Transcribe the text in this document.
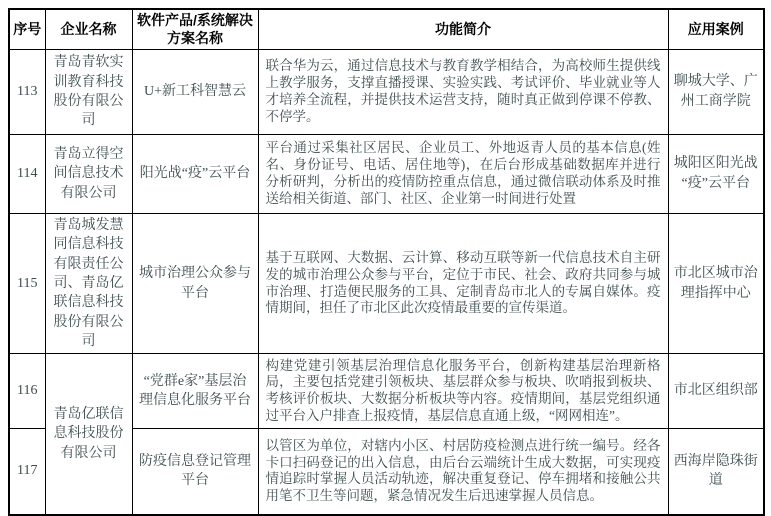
序号	企业名称	软件产品/系统解决方案名称	功能简介	应用案例
113	青岛青软实训教育科技股份有限公司	U+新工科智慧云	联合华为云，通过信息技术与教育教学相结合，为高校师生提供线上教学服务，支撑直播授课、实验实践、考试评价、毕业就业等人才培养全流程，并提供技术运营支持，随时真正做到停课不停教、不停学。	聊城大学、广州工商学院
114	青岛立得空间信息技术有限公司	阳光战“疫”云平台	平台通过采集社区居民、企业员工、外地返青人员的基本信息(姓名、身份证号、电话、居住地等)，在后台形成基础数据库并进行分析研判，分析出的疫情防控重点信息，通过微信联动体系及时推送给相关街道、部门、社区、企业第一时间进行处置	城阳区阳光战“疫”云平台
115	青岛城发慧同信息科技有限责任公司、青岛亿联信息科技股份有限公司	城市治理公众参与平台	基于互联网、大数据、云计算、移动互联等新一代信息技术自主研发的城市治理公众参与平台，定位于市民、社会、政府共同参与城市治理、打造便民服务的工具、定制青岛市北人的专属自媒体。疫情期间，担任了市北区此次疫情最重要的宣传渠道。	市北区城市治理指挥中心
116	青岛亿联信息科技股份有限公司	“党群e家”基层治理信息化服务平台	构建党建引领基层治理信息化服务平台，创新构建基层治理新格局，主要包括党建引领板块、基层群众参与板块、吹哨报到板块、考核评价板块、大数据分析板块等内容。疫情期间，基层党组织通过平台入户排查上报疫情，基层信息直通上级，“网网相连”。	市北区组织部
117		防疫信息登记管理平台	以管区为单位，对辖内小区、村居防疫检测点进行统一编号。经各卡口扫码登记的出入信息，由后台云端统计生成大数据，可实现疫情追踪时掌握人员活动轨迹，解决重复登记、停车拥堵和接触公共用笔不卫生等问题，紧急情况发生后迅速掌握人员信息。	西海岸隐珠街道
